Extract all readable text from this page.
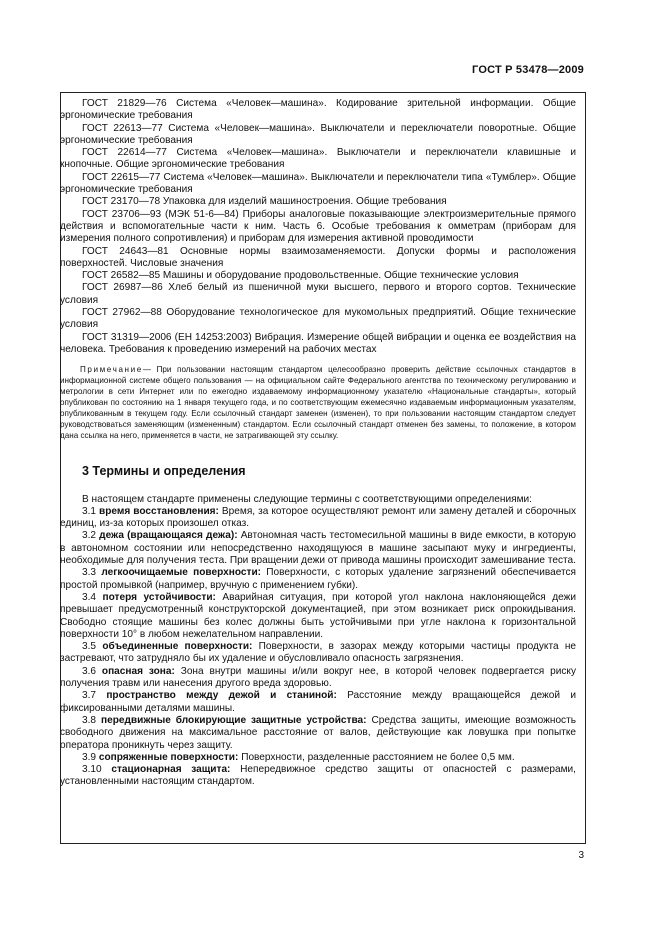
ГОСТ Р 53478—2009

ГОСТ 21829—76 Система «Человек—машина». Кодирование зрительной информации. Общие эргономические требования

ГОСТ 22613—77 Система «Человек—машина». Выключатели и переключатели поворотные. Общие эргономические требования

ГОСТ 22614—77 Система «Человек—машина». Выключатели и переключатели клавишные и кнопочные. Общие эргономические требования

ГОСТ 22615—77 Система «Человек—машина». Выключатели и переключатели типа «Тумблер». Общие эргономические требования

ГОСТ 23170—78 Упаковка для изделий машиностроения. Общие требования

ГОСТ 23706—93 (МЭК 51-6—84) Приборы аналоговые показывающие электроизмерительные прямого действия и вспомогательные части к ним. Часть 6. Особые требования к омметрам (приборам для измерения полного сопротивления) и приборам для измерения активной проводимости

ГОСТ 24643—81 Основные нормы взаимозаменяемости. Допуски формы и расположения поверхностей. Числовые значения

ГОСТ 26582—85 Машины и оборудование продовольственные. Общие технические условия

ГОСТ 26987—86 Хлеб белый из пшеничной муки высшего, первого и второго сортов. Технические условия

ГОСТ 27962—88 Оборудование технологическое для мукомольных предприятий. Общие технические условия

ГОСТ 31319—2006 (ЕН 14253:2003) Вибрация. Измерение общей вибрации и оценка ее воздействия на человека. Требования к проведению измерений на рабочих местах

Примечание— При пользовании настоящим стандартом целесообразно проверить действие ссылочных стандартов в информационной системе общего пользования — на официальном сайте Федерального агентства по техническому регулированию и метрологии в сети Интернет или по ежегодно издаваемому информационному указателю «Национальные стандарты», который опубликован по состоянию на 1 января текущего года, и по соответствующим ежемесячно издаваемым информационным указателям, опубликованным в текущем году. Если ссылочный стандарт заменен (изменен), то при пользовании настоящим стандартом следует руководствоваться заменяющим (измененным) стандартом. Если ссылочный стандарт отменен без замены, то положение, в котором дана ссылка на него, применяется в части, не затрагивающей эту ссылку.

3 Термины и определения

В настоящем стандарте применены следующие термины с соответствующими определениями:

3.1 время восстановления: Время, за которое осуществляют ремонт или замену деталей и сборочных единиц, из-за которых произошел отказ.

3.2 дежа (вращающаяся дежа): Автономная часть тестомесильной машины в виде емкости, в которую в автономном состоянии или непосредственно находящуюся в машине засыпают муку и ингредиенты, необходимые для получения теста. При вращении дежи от привода машины происходит замешивание теста.

3.3 легкоочищаемые поверхности: Поверхности, с которых удаление загрязнений обеспечивается простой промывкой (например, вручную с применением губки).

3.4 потеря устойчивости: Аварийная ситуация, при которой угол наклона наклоняющейся дежи превышает предусмотренный конструкторской документацией, при этом возникает риск опрокидывания. Свободно стоящие машины без колес должны быть устойчивыми при угле наклона к горизонтальной поверхности 10° в любом нежелательном направлении.

3.5 объединенные поверхности: Поверхности, в зазорах между которыми частицы продукта не застревают, что затрудняло бы их удаление и обусловливало опасность загрязнения.

3.6 опасная зона: Зона внутри машины и/или вокруг нее, в которой человек подвергается риску получения травм или нанесения другого вреда здоровью.

3.7 пространство между дежой и станиной: Расстояние между вращающейся дежой и фиксированными деталями машины.

3.8 передвижные блокирующие защитные устройства: Средства защиты, имеющие возможность свободного движения на максимальное расстояние от валов, действующие как ловушка при попытке оператора проникнуть через защиту.

3.9 сопряженные поверхности: Поверхности, разделенные расстоянием не более 0,5 мм.

3.10 стационарная защита: Непередвижное средство защиты от опасностей с размерами, установленными настоящим стандартом.

3
